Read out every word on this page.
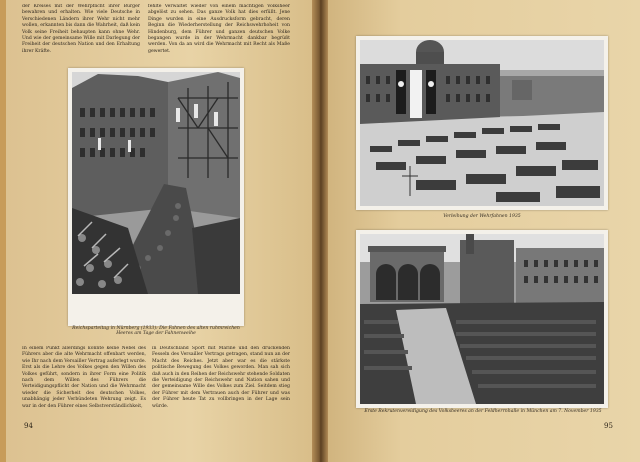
der Kreises mit der Wehrpflicht ihrer Bürger bewahren und erhalten. Wie viele Deutsche in Verschiedenen Ländern ihrer Wehr nicht mehr wollen, erkannten bis dann die Wahrheit, daß kein Volk seine Freiheit behaupten kann ohne Wehr. Und wie der gemeinsame Wille mit Darlegung der Freiheit der deutschen Nation und den Erhaltung ihrer Kräfte.
fehlte Verwaltet wieder von einem mächtigen Volksheer abgelöst zu sehen. Das ganze Volk hat dies erfüllt. Jene Dinge wurden in eine Ausdrucksform gebracht, deren Beginn die Wiederherstellung der Reichswehrhoheit von Hindenburg, dem Führer und ganzen deutschen Volke begangen wurde in der Wehrmacht dankbar begrüßt werden. Von da an wird die Wehrmacht mit Recht als Maße gewertet.
Reichsparteitag in Nürnberg (1933): Die Fahnen des alten ruhmreichen Heeres am Tage der Fahnenweihe
In einem Punkt allerdings konnte keine Nebel des Führers aber die alte Wehrmacht offenbart werden, wie Ihr nach dem Versailler Vertrag auferlegt wurde. Erst als die Lehre des Volkes gegen den Willen des Volkes geführt, sondern in ihrer Form eine Politik nach dem Willen des Führers die Verteidigungspflicht der Nation und die Wehrmacht wieder die Sicherheit des deutschen Volkes, unabhängig jeder Verbündeten Wehrung zeigt. Es war in der den Führer eines Selbstverständlichkeit,
in Deutschland Sport mit Marine und den drückenden Fesseln des Versailler Vertrags getragen, stand nun an der Macht des Reiches. Jetzt aber war es die stärkste politische Bewegung des Volkes geworden. Man sah sich daß auch in den Reihen der Reichswehr stehende Soldaten die Verteidigung der Reichswehr und Nation sahen und der gemeinsame Wille des Volkes zum Ziel. Seitdem stieg der Führer mit dem Vertrauen auch der Führer und was der Führer heute Tat zu vollbringen in der Lage sein würde.
94
Verleihung der Wehrfahnen 1935
Erste Rekrutenvereidigung des Volksheeres an der Feldherrnhalle in München am 7. November 1935
95
